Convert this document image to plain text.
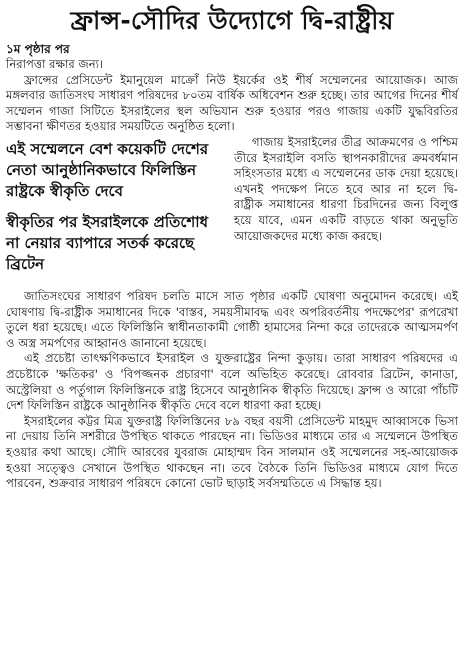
ফ্রান্স-সৌদির উদ্যোগে দ্বি-রাষ্ট্রীয়

১ম পৃষ্ঠার পর

নিরাপত্তা রক্ষার জন্য।

ফ্রান্সের প্রেসিডেন্ট ইমানুয়েল মাক্রোঁ নিউ ইয়র্কের ওই শীর্ষ সম্মেলনের আয়োজক। আজ মঙ্গলবার জাতিসংঘ সাধারণ পরিষদের ৮০তম বার্ষিক অধিবেশন শুরু হচ্ছে। তার আগের দিনের শীর্ষ সম্মেলন গাজা সিটিতে ইসরাইলের স্থল অভিযান শুরু হওয়ার পরও গাজায় একটি যুদ্ধবিরতির সম্ভাবনা ক্ষীণতর হওয়ার সময়টিতে অনুষ্ঠিত হলো।

এই সম্মেলনে বেশ কয়েকটি দেশের নেতা আনুষ্ঠানিকভাবে ফিলিস্তিন রাষ্ট্রকে স্বীকৃতি দেবে

স্বীকৃতির পর ইসরাইলকে প্রতিশোধ না নেয়ার ব্যাপারে সতর্ক করেছে ব্রিটেন

গাজায় ইসরাইলের তীব্র আক্রমণের ও পশ্চিম তীরে ইসরাইলি বসতি স্থাপনকারীদের ক্রমবর্ধমান সহিংসতার মধ্যে এ সম্মেলনের ডাক দেয়া হয়েছে। এখনই পদক্ষেপ নিতে হবে আর না হলে দ্বি-রাষ্ট্রীক সমাধানের ধারণা চিরদিনের জন্য বিলুপ্ত হয়ে যাবে, এমন একটি বাড়তে থাকা অনুভূতি আয়োজকদের মধ্যে কাজ করছে।

জাতিসংঘের সাধারণ পরিষদ চলতি মাসে সাত পৃষ্ঠার একটি ঘোষণা অনুমোদন করেছে। এই ঘোষণায় দ্বি-রাষ্ট্রীক সমাধানের দিকে 'বাস্তব, সময়সীমাবদ্ধ এবং অপরিবর্তনীয় পদক্ষেপের' রূপরেখা তুলে ধরা হয়েছে। এতে ফিলিস্তিনি স্বাধীনতাকামী গোষ্ঠী হামাসের নিন্দা করে তাদেরকে আত্মসমর্পণ ও অস্ত্র সমর্পণের আহ্বানও জানানো হয়েছে।

এই প্রচেষ্টা তাৎক্ষণিকভাবে ইসরাইল ও যুক্তরাষ্ট্রের নিন্দা কুড়ায়। তারা সাধারণ পরিষদের এ প্রচেষ্টাকে 'ক্ষতিকর' ও 'বিপজ্জনক প্রচারণা' বলে অভিহিত করেছে। রোববার ব্রিটেন, কানাডা, অস্ট্রেলিয়া ও পর্তুগাল ফিলিস্তিনকে রাষ্ট্র হিসেবে আনুষ্ঠানিক স্বীকৃতি দিয়েছে। ফ্রান্স ও আরো পাঁচটি দেশ ফিলিস্তিন রাষ্ট্রকে আনুষ্ঠানিক স্বীকৃতি দেবে বলে ধারণা করা হচ্ছে।

ইসরাইলের কট্টর মিত্র যুক্তরাষ্ট্র ফিলিস্তিনের ৮৯ বছর বয়সী প্রেসিডেন্ট মাহমুদ আব্বাসকে ভিসা না দেয়ায় তিনি সশরীরে উপস্থিত থাকতে পারছেন না। ভিডিওর মাধ্যমে তার এ সম্মেলনে উপস্থিত হওয়ার কথা আছে। সৌদি আরবের যুবরাজ মোহাম্মদ বিন সালমান ওই সম্মেলনের সহ-আয়োজক হওয়া সত্ত্বেও সেখানে উপস্থিত থাকছেন না। তবে বৈঠকে তিনি ভিডিওর মাধ্যমে যোগ দিতে পারবেন, শুক্রবার সাধারণ পরিষদে কোনো ভোট ছাড়াই সর্বসম্মতিতে এ সিদ্ধান্ত হয়।
